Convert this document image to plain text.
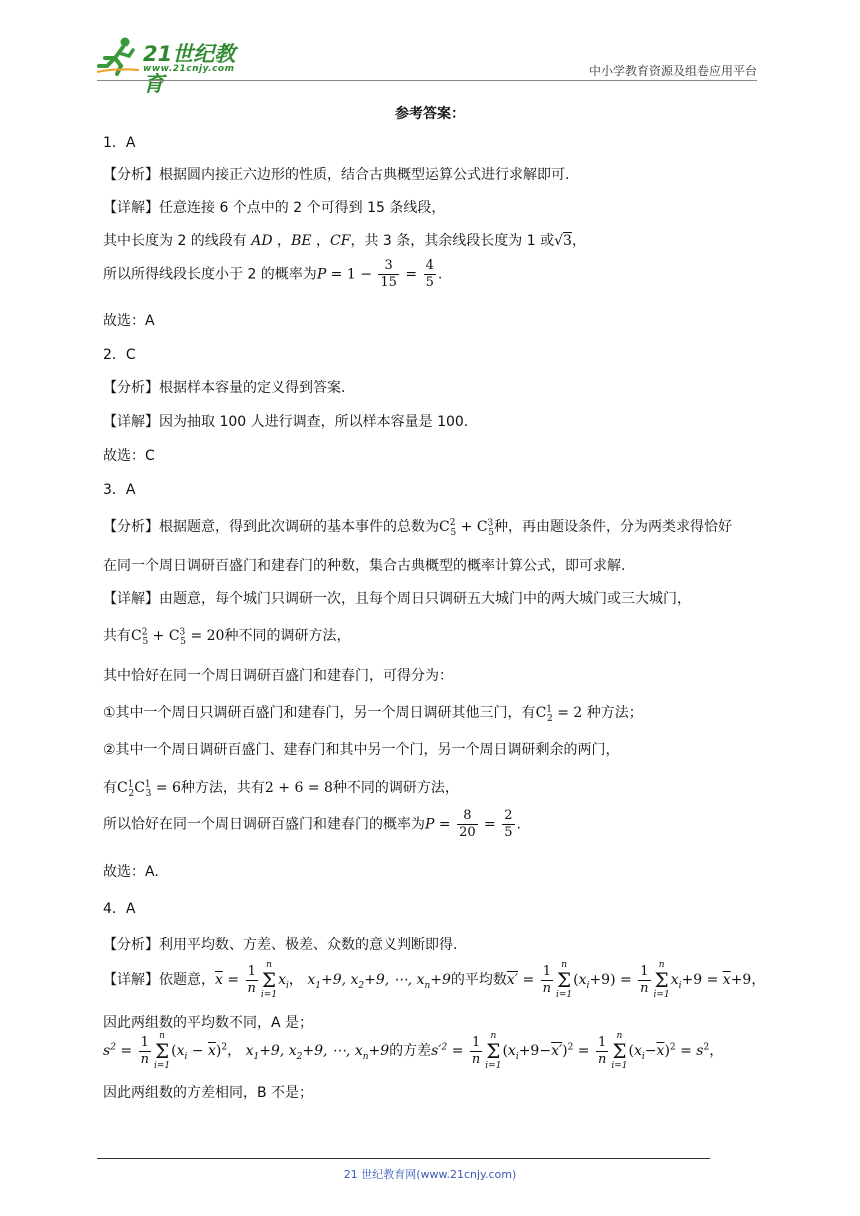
21世纪教育
www.21cnjy.com	中小学教育资源及组卷应用平台
参考答案：
1．A
【分析】根据圆内接正六边形的性质，结合古典概型运算公式进行求解即可.
【详解】任意连接 6 个点中的 2 个可得到 15 条线段，
其中长度为 2 的线段有 AD ，BE ，CF，共 3 条，其余线段长度为 1 或√3，
所以所得线段长度小于 2 的概率为$P = 1 - \frac{3}{15} = \frac{4}{5}$ .
故选：A
2．C
【分析】根据样本容量的定义得到答案.
【详解】因为抽取 100 人进行调查，所以样本容量是 100.
故选：C
3．A
【分析】根据题意，得到此次调研的基本事件的总数为$C^2_5 + C^3_5$种，再由题设条件，分为两类求得恰好
在同一个周日调研百盛门和建春门的种数，集合古典概型的概率计算公式，即可求解.
【详解】由题意，每个城门只调研一次，且每个周日只调研五大城门中的两大城门或三大城门，
共有$C^2_5 + C^3_5 = 20$种不同的调研方法，
其中恰好在同一个周日调研百盛门和建春门，可得分为：
①其中一个周日只调研百盛门和建春门，另一个周日调研其他三门，有$C^1_2 = 2$ 种方法；
②其中一个周日调研百盛门、建春门和其中另一个门，另一个周日调研剩余的两门，
有$C^1_2C^1_3 = 6$种方法，共有2 + 6 = 8种不同的调研方法，
所以恰好在同一个周日调研百盛门和建春门的概率为$P = \frac{8}{20} = \frac{2}{5}$ .
故选：A.
4．A
【分析】利用平均数、方差、极差、众数的意义判断即得.
【详解】依题意，$\overline{x} = \frac{1}{n}$ n
Σ
i=1
$x_i$， $x_1+9$, $x_2+9$, ⋯, $x_n+9$的平均数$x' = \frac{1}{n}$ n
Σ
i=1
$(x_i+9) = \frac{1}{n}$ n
Σ
i=1
$x_i+9 = \overline{x}+9$，
因此两组数的平均数不同，A 是；
$s^2 = \frac{1}{n}$ n
Σ
i=1
$(x_i - \overline{x})^2$， $x_1+9$, $x_2+9$, ⋯, $x_n+9$的方差$s'^2 = \frac{1}{n}$ n
Σ
i=1
$(x_i+9-x')^2 = \frac{1}{n}$ n
Σ
i=1
$(x_i-\overline{x})^2 = s^2$，
因此两组数的方差相同，B 不是；
21 世纪教育网(www.21cnjy.com)
